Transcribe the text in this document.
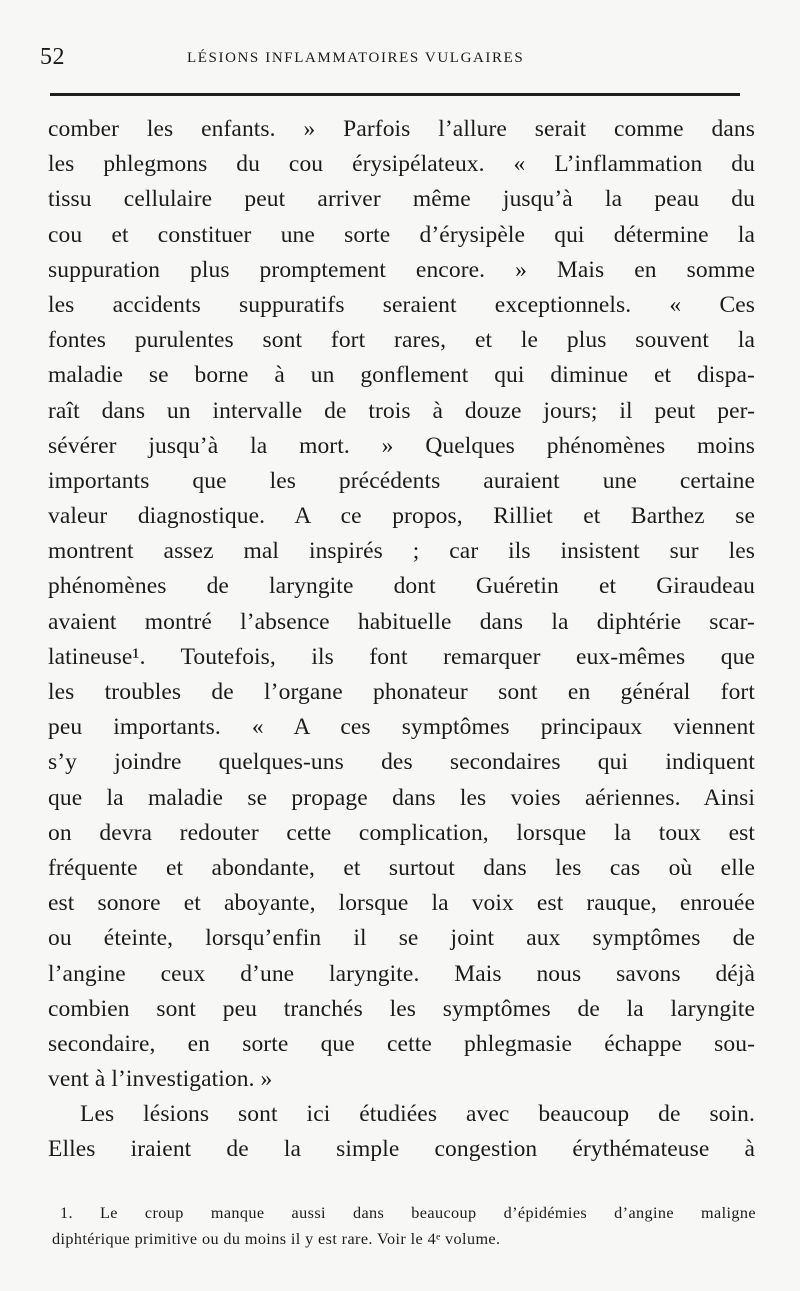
52	LÉSIONS INFLAMMATOIRES VULGAIRES
comber les enfants. » Parfois l’allure serait comme dans
les phlegmons du cou érysipélateux. « L’inflammation du
tissu cellulaire peut arriver même jusqu’à la peau du
cou et constituer une sorte d’érysipèle qui détermine la
suppuration plus promptement encore. » Mais en somme
les accidents suppuratifs seraient exceptionnels. « Ces
fontes purulentes sont fort rares, et le plus souvent la
maladie se borne à un gonflement qui diminue et dispa-
raît dans un intervalle de trois à douze jours; il peut per-
sévérer jusqu’à la mort. » Quelques phénomènes moins
importants que les précédents auraient une certaine
valeur diagnostique. A ce propos, Rilliet et Barthez se
montrent assez mal inspirés ; car ils insistent sur les
phénomènes de laryngite dont Guéretin et Giraudeau
avaient montré l’absence habituelle dans la diphtérie scar-
latineuse¹. Toutefois, ils font remarquer eux-mêmes que
les troubles de l’organe phonateur sont en général fort
peu importants. « A ces symptômes principaux viennent
s’y joindre quelques-uns des secondaires qui indiquent
que la maladie se propage dans les voies aériennes. Ainsi
on devra redouter cette complication, lorsque la toux est
fréquente et abondante, et surtout dans les cas où elle
est sonore et aboyante, lorsque la voix est rauque, enrouée
ou éteinte, lorsqu’enfin il se joint aux symptômes de
l’angine ceux d’une laryngite. Mais nous savons déjà
combien sont peu tranchés les symptômes de la laryngite
secondaire, en sorte que cette phlegmasie échappe sou-
vent à l’investigation. »
Les lésions sont ici étudiées avec beaucoup de soin.
Elles iraient de la simple congestion érythémateuse à
1. Le croup manque aussi dans beaucoup d’épidémies d’angine maligne
diphtérique primitive ou du moins il y est rare. Voir le 4ᵉ volume.
